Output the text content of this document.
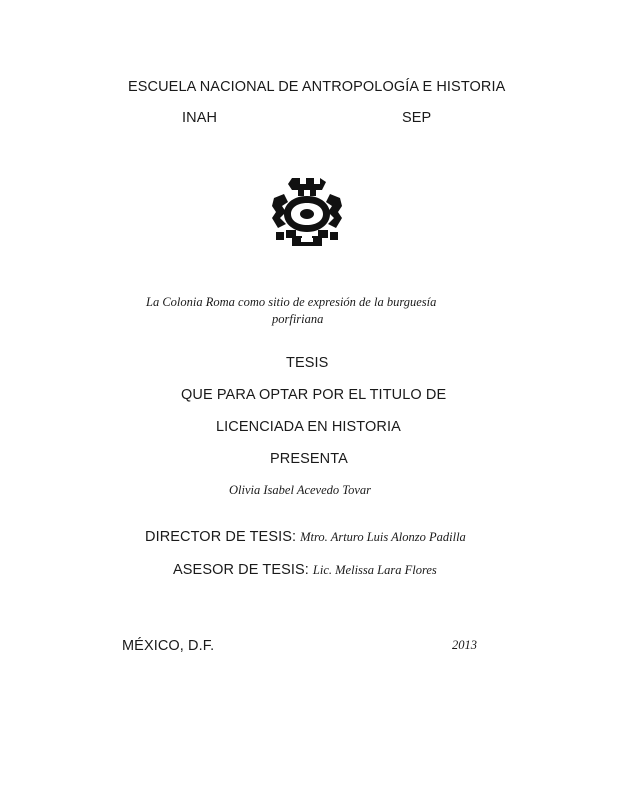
ESCUELA NACIONAL DE ANTROPOLOGÍA E HISTORIA
INAH	SEP
La Colonia Roma como sitio de expresión de la burguesía
porfiriana
TESIS
QUE PARA OPTAR POR EL TITULO DE
LICENCIADA EN HISTORIA
PRESENTA
Olivia Isabel Acevedo Tovar
DIRECTOR DE TESIS: Mtro. Arturo Luis Alonzo Padilla
ASESOR DE TESIS: Lic. Melissa Lara Flores
MÉXICO, D.F.	2013
